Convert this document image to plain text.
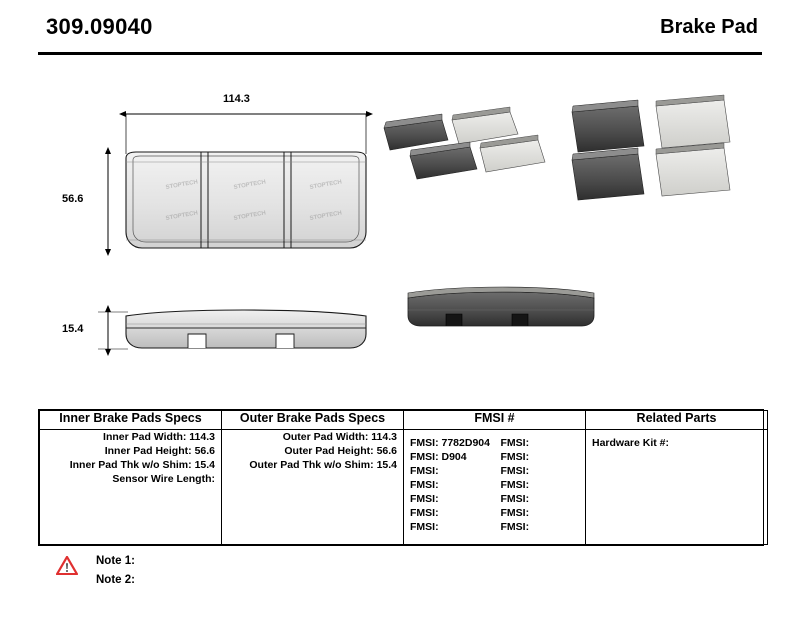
309.09040	Brake Pad
STOPTECH
STOPTECH
STOPTECH
STOPTECH
STOPTECH
STOPTECH
114.3
56.6
15.4
Inner Brake Pads Specs	Outer Brake Pads Specs	FMSI #	Related Parts

Inner Pad Width: 114.3
Inner Pad Height: 56.6
Inner Pad Thk w/o Shim: 15.4
Sensor Wire Length:

Outer Pad Width: 114.3
Outer Pad Height: 56.6
Outer Pad Thk w/o Shim: 15.4

FMSI: 7782D904	FMSI:
FMSI: D904	FMSI:
FMSI:	FMSI:
FMSI:	FMSI:
FMSI:	FMSI:
FMSI:	FMSI:
FMSI:	FMSI:

Hardware Kit #:
Note 1:
Note 2:
